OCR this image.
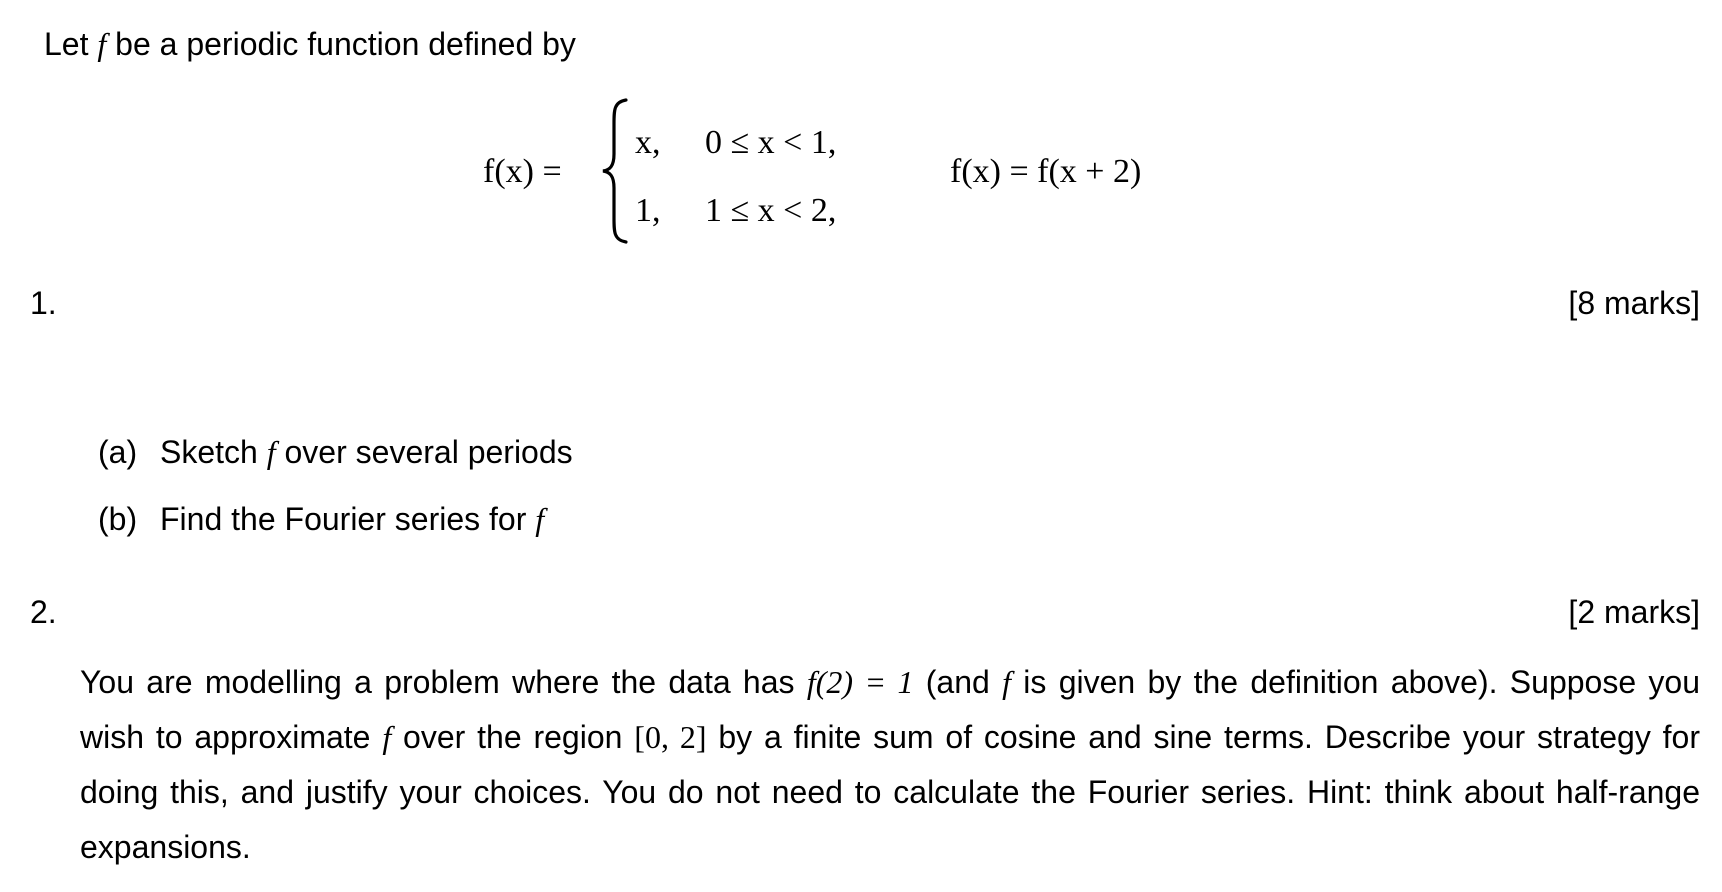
Let f be a periodic function defined by
f(x) =
x, 0 ≤ x < 1,
1, 1 ≤ x < 2,
f(x) = f(x + 2)
1.	[8 marks]
(a) Sketch f over several periods
(b) Find the Fourier series for f
2.	[2 marks]
You are modelling a problem where the data has f(2) = 1 (and f is given by the definition above). Suppose you wish to approximate f over the region [0, 2] by a finite sum of cosine and sine terms. Describe your strategy for doing this, and justify your choices. You do not need to calculate the Fourier series. Hint: think about half-range expansions.
